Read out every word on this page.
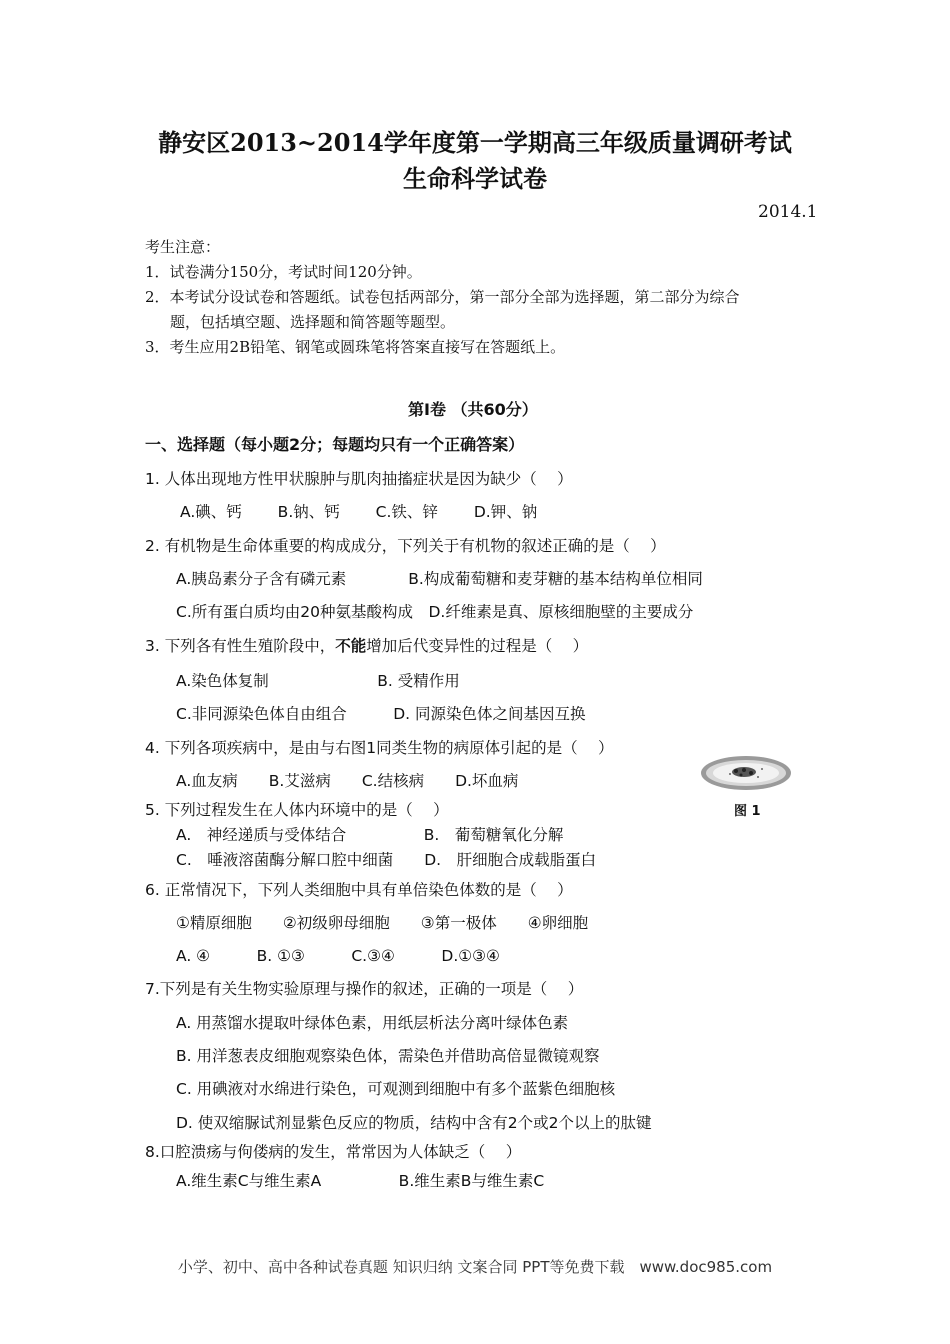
静安区2013~2014学年度第一学期高三年级质量调研考试
生命科学试卷
2014.1
考生注意：
1．试卷满分150分，考试时间120分钟。
2．本考试分设试卷和答题纸。试卷包括两部分，第一部分全部为选择题，第二部分为综合
题，包括填空题、选择题和简答题等题型。
3．考生应用2B铅笔、钢笔或圆珠笔将答案直接写在答题纸上。
第Ⅰ卷 （共60分）
一、选择题（每小题2分；每题均只有一个正确答案）
1. 人体出现地方性甲状腺肿与肌肉抽搐症状是因为缺少（　 ）
A.碘、钙　　 B.钠、钙　　 C.铁、锌　　 D.钾、钠
2. 有机物是生命体重要的构成成分，下列关于有机物的叙述正确的是（　 ）
A.胰岛素分子含有磷元素　　　　B.构成葡萄糖和麦芽糖的基本结构单位相同
C.所有蛋白质均由20种氨基酸构成　D.纤维素是真、原核细胞壁的主要成分
3. 下列各有性生殖阶段中，不能增加后代变异性的过程是（　 ）
A.染色体复制　　　　　　　B. 受精作用
C.非同源染色体自由组合　　　D. 同源染色体之间基因互换
4. 下列各项疾病中，是由与右图1同类生物的病原体引起的是（　 ）
A.血友病　　B.艾滋病　　C.结核病　　D.坏血病
图 1
5. 下列过程发生在人体内环境中的是（　 ）
A.　神经递质与受体结合　　　　　B.　葡萄糖氧化分解
C.　唾液溶菌酶分解口腔中细菌　　D.　肝细胞合成载脂蛋白
6. 正常情况下，下列人类细胞中具有单倍染色体数的是（　 ）
①精原细胞　　②初级卵母细胞　　③第一极体　　④卵细胞
A. ④　　　B. ①③　　　C.③④　　　D.①③④
7.下列是有关生物实验原理与操作的叙述，正确的一项是（　 ）
A. 用蒸馏水提取叶绿体色素，用纸层析法分离叶绿体色素
B. 用洋葱表皮细胞观察染色体，需染色并借助高倍显微镜观察
C. 用碘液对水绵进行染色，可观测到细胞中有多个蓝紫色细胞核
D. 使双缩脲试剂显紫色反应的物质，结构中含有2个或2个以上的肽键
8.口腔溃疡与佝偻病的发生，常常因为人体缺乏（　 ）
A.维生素C与维生素A　　　　　B.维生素B与维生素C
小学、初中、高中各种试卷真题 知识归纳 文案合同 PPT等免费下载　www.doc985.com
